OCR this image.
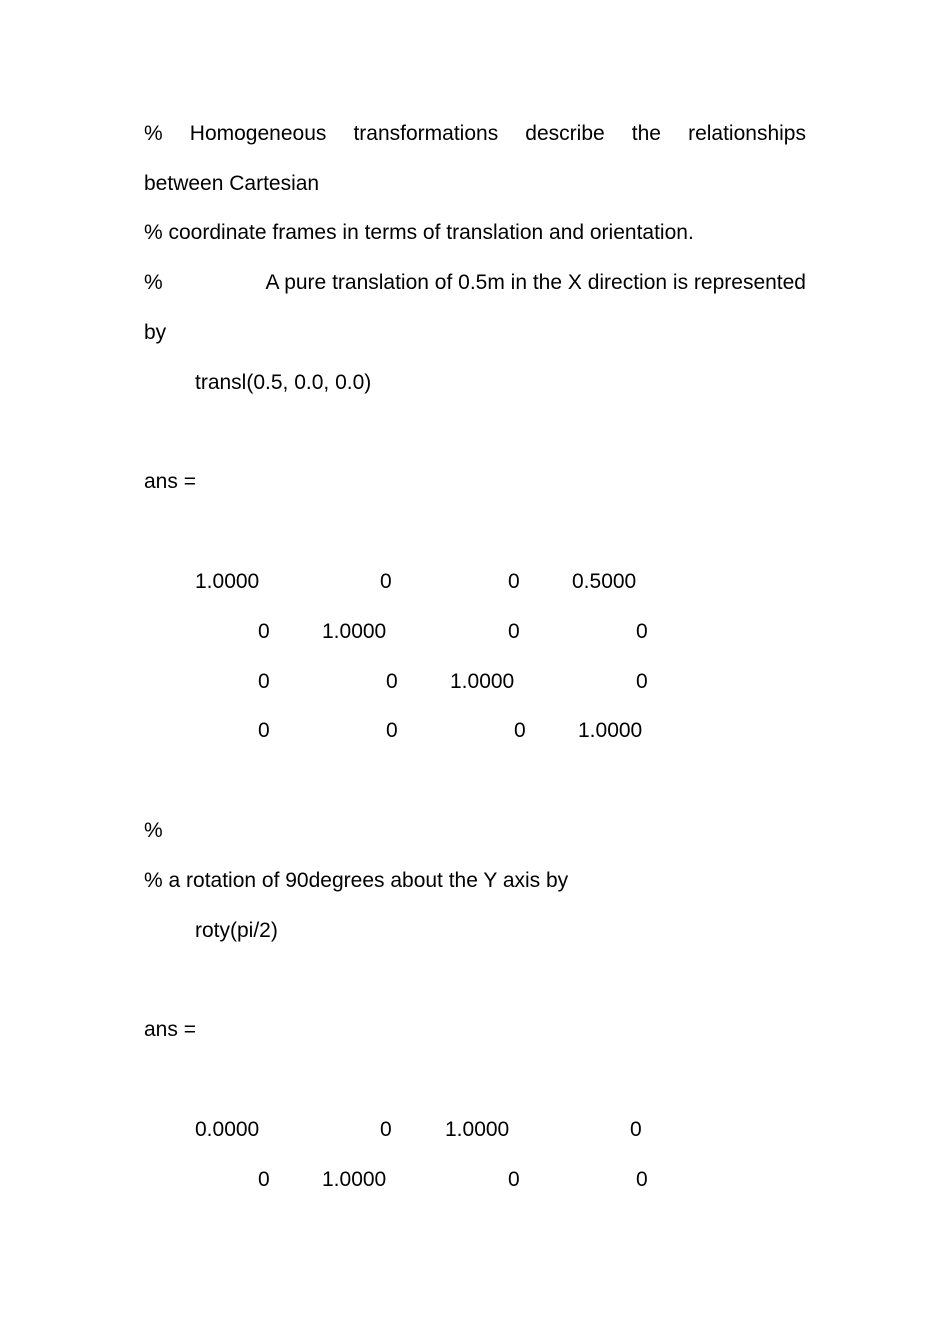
% Homogeneous transformations describe the relationships
between Cartesian
% coordinate frames in terms of translation and orientation.
%	A pure translation of 0.5m in the X direction is represented
by
transl(0.5, 0.0, 0.0)
ans =
1.0000	0	0 0.5000
0 1.0000	0	0
0	0 1.0000	0
0	0	0 1.0000
%
% a rotation of 90degrees about the Y axis by
roty(pi/2)
ans =
0.0000	0	1.0000	0
0 1.0000	0	0
